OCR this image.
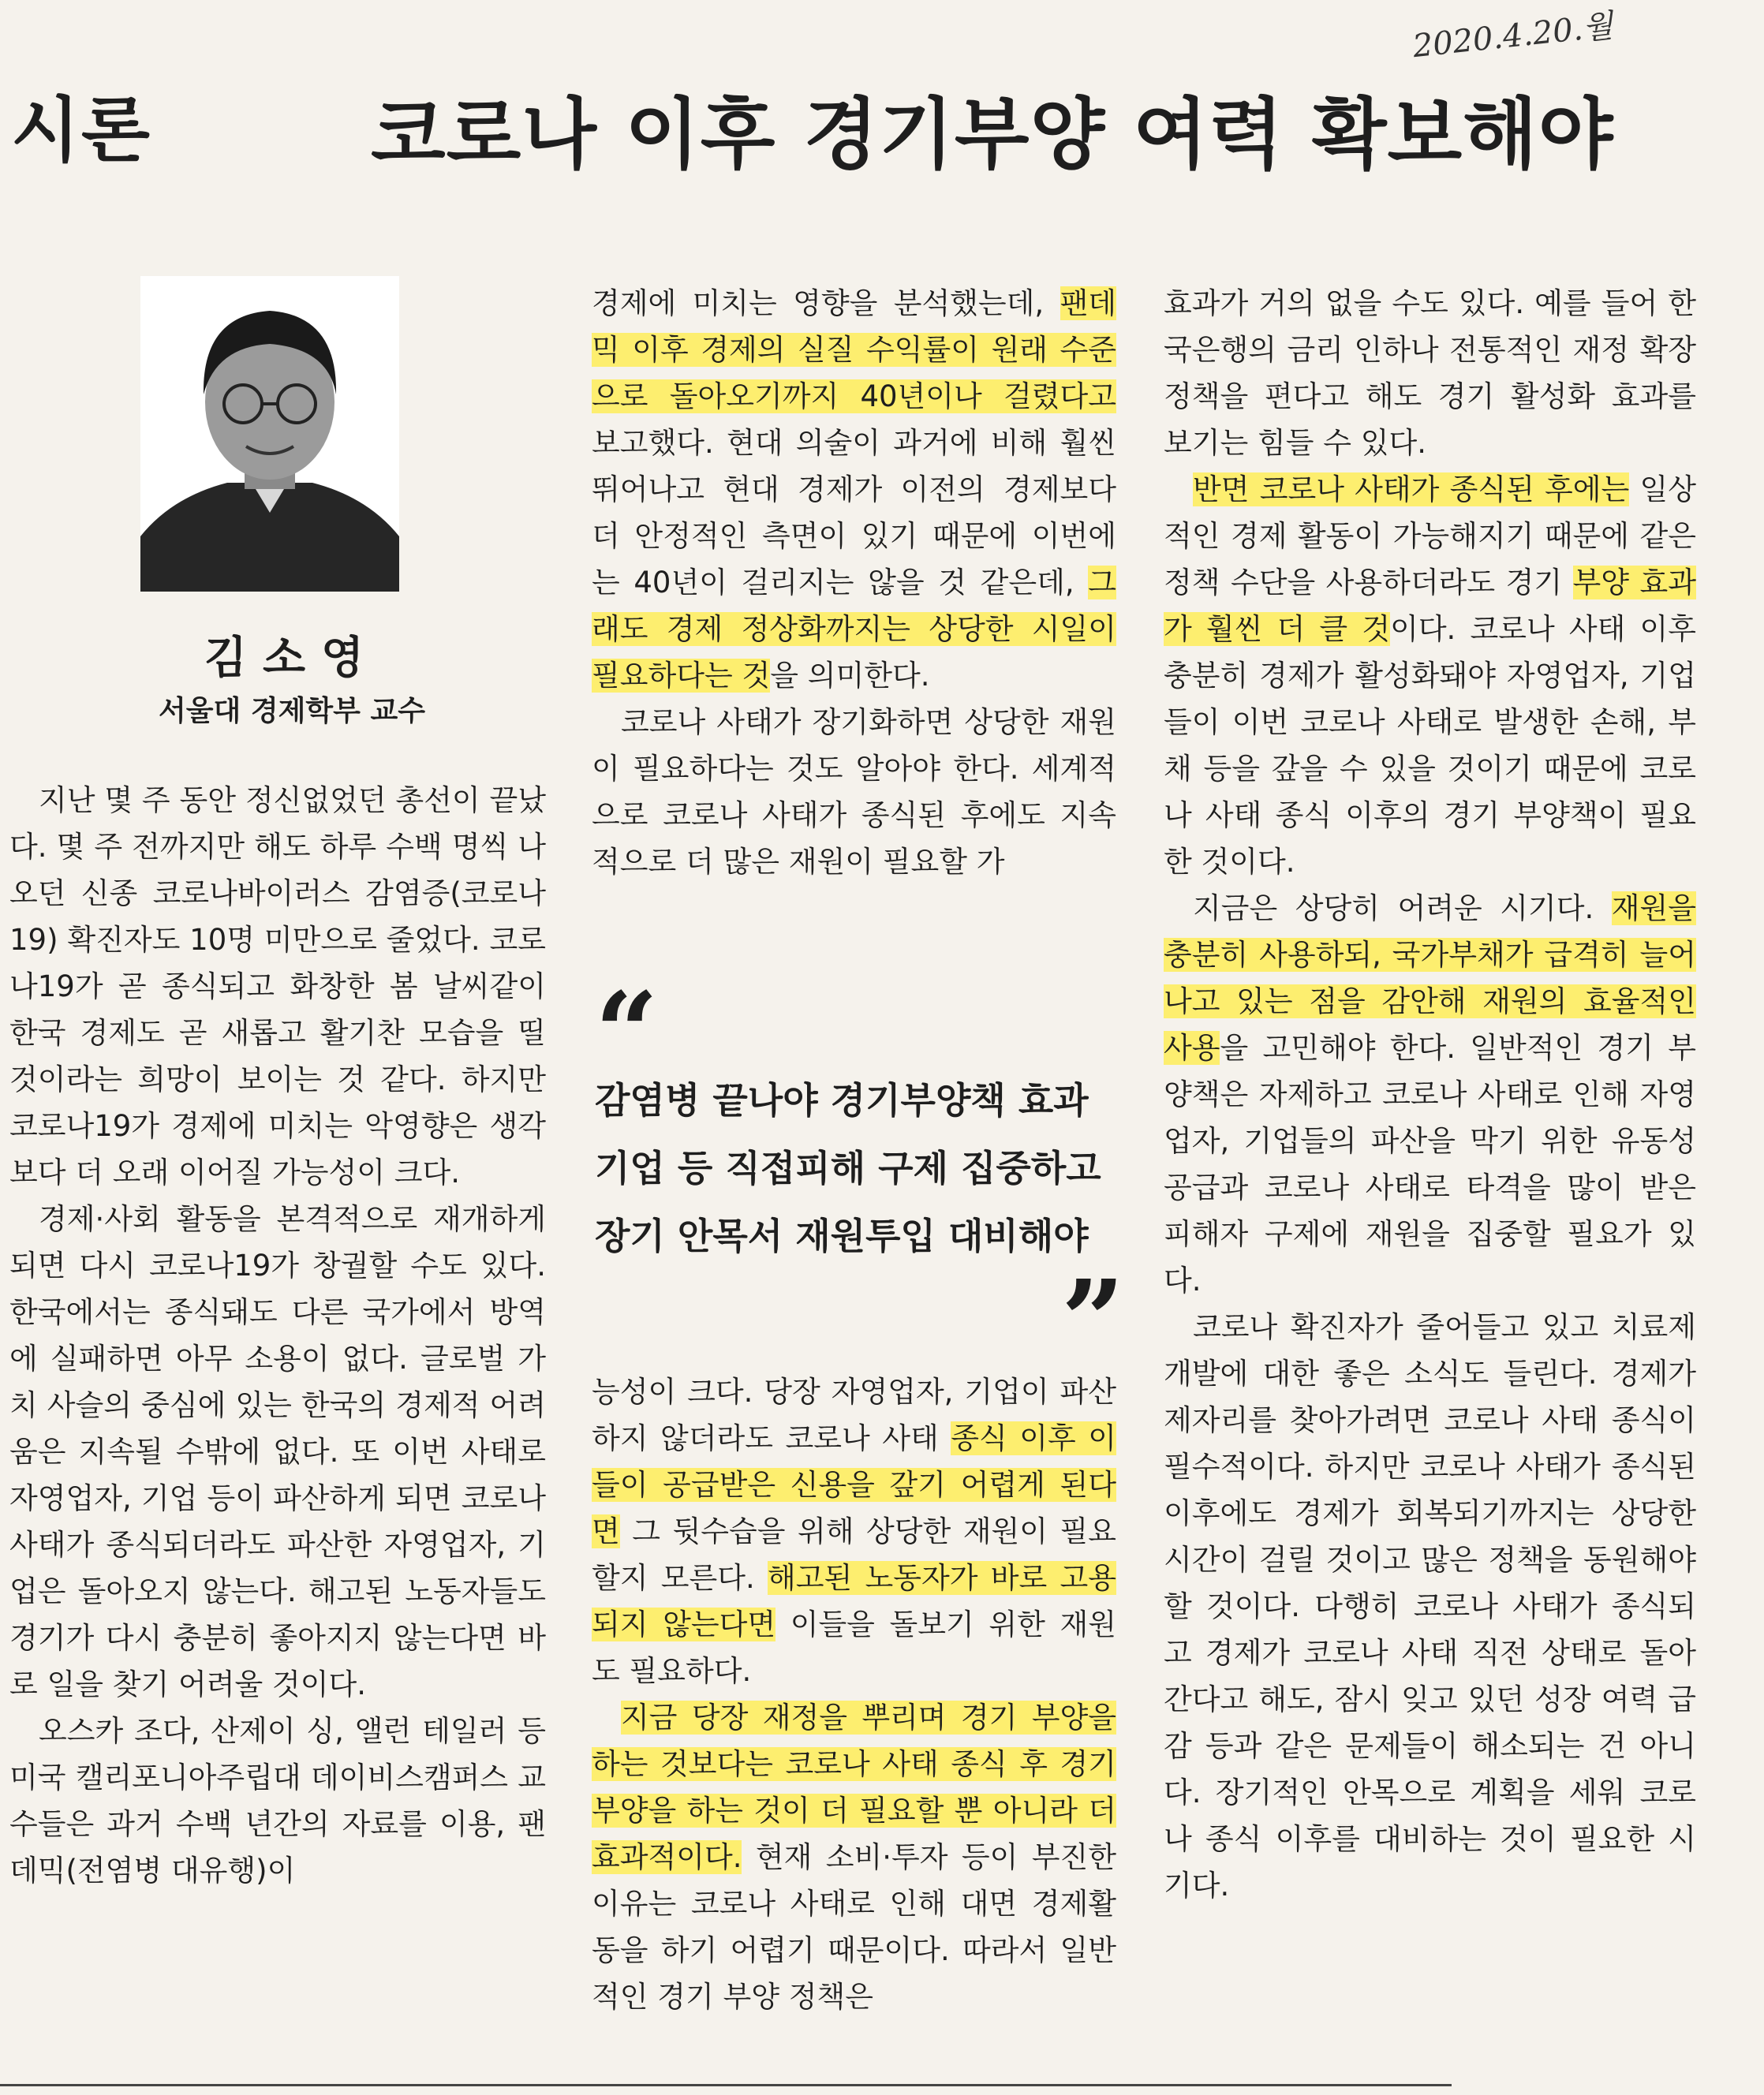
2020.4.20.월
시론	코로나 이후 경기부양 여력 확보해야
김소영
서울대 경제학부 교수

지난 몇 주 동안 정신없었던 총선이 끝났다. 몇 주 전까지만 해도 하루 수백 명씩 나오던 신종 코로나바이러스 감염증(코로나19) 확진자도 10명 미만으로 줄었다. 코로나19가 곧 종식되고 화창한 봄 날씨같이 한국 경제도 곧 새롭고 활기찬 모습을 띨 것이라는 희망이 보이는 것 같다. 하지만 코로나19가 경제에 미치는 악영향은 생각보다 더 오래 이어질 가능성이 크다.

경제·사회 활동을 본격적으로 재개하게 되면 다시 코로나19가 창궐할 수도 있다. 한국에서는 종식돼도 다른 국가에서 방역에 실패하면 아무 소용이 없다. 글로벌 가치 사슬의 중심에 있는 한국의 경제적 어려움은 지속될 수밖에 없다. 또 이번 사태로 자영업자, 기업 등이 파산하게 되면 코로나 사태가 종식되더라도 파산한 자영업자, 기업은 돌아오지 않는다. 해고된 노동자들도 경기가 다시 충분히 좋아지지 않는다면 바로 일을 찾기 어려울 것이다.

오스카 조다, 산제이 싱, 앨런 테일러 등 미국 캘리포니아주립대 데이비스캠퍼스 교수들은 과거 수백 년간의 자료를 이용, 팬데믹(전염병 대유행)이

경제에 미치는 영향을 분석했는데, 팬데믹 이후 경제의 실질 수익률이 원래 수준으로 돌아오기까지 40년이나 걸렸다고 보고했다. 현대 의술이 과거에 비해 훨씬 뛰어나고 현대 경제가 이전의 경제보다 더 안정적인 측면이 있기 때문에 이번에는 40년이 걸리지는 않을 것 같은데, 그래도 경제 정상화까지는 상당한 시일이 필요하다는 것을 의미한다.

코로나 사태가 장기화하면 상당한 재원이 필요하다는 것도 알아야 한다. 세계적으로 코로나 사태가 종식된 후에도 지속적으로 더 많은 재원이 필요할 가

“
감염병 끝나야 경기부양책 효과
기업 등 직접피해 구제 집중하고
장기 안목서 재원투입 대비해야
”

능성이 크다. 당장 자영업자, 기업이 파산하지 않더라도 코로나 사태 종식 이후 이들이 공급받은 신용을 갚기 어렵게 된다면 그 뒷수습을 위해 상당한 재원이 필요할지 모른다. 해고된 노동자가 바로 고용되지 않는다면 이들을 돌보기 위한 재원도 필요하다.

지금 당장 재정을 뿌리며 경기 부양을 하는 것보다는 코로나 사태 종식 후 경기 부양을 하는 것이 더 필요할 뿐 아니라 더 효과적이다. 현재 소비·투자 등이 부진한 이유는 코로나 사태로 인해 대면 경제활동을 하기 어렵기 때문이다. 따라서 일반적인 경기 부양 정책은

효과가 거의 없을 수도 있다. 예를 들어 한국은행의 금리 인하나 전통적인 재정 확장 정책을 편다고 해도 경기 활성화 효과를 보기는 힘들 수 있다.

반면 코로나 사태가 종식된 후에는 일상적인 경제 활동이 가능해지기 때문에 같은 정책 수단을 사용하더라도 경기 부양 효과가 훨씬 더 클 것이다. 코로나 사태 이후 충분히 경제가 활성화돼야 자영업자, 기업들이 이번 코로나 사태로 발생한 손해, 부채 등을 갚을 수 있을 것이기 때문에 코로나 사태 종식 이후의 경기 부양책이 필요한 것이다.

지금은 상당히 어려운 시기다. 재원을 충분히 사용하되, 국가부채가 급격히 늘어나고 있는 점을 감안해 재원의 효율적인 사용을 고민해야 한다. 일반적인 경기 부양책은 자제하고 코로나 사태로 인해 자영업자, 기업들의 파산을 막기 위한 유동성 공급과 코로나 사태로 타격을 많이 받은 피해자 구제에 재원을 집중할 필요가 있다.

코로나 확진자가 줄어들고 있고 치료제 개발에 대한 좋은 소식도 들린다. 경제가 제자리를 찾아가려면 코로나 사태 종식이 필수적이다. 하지만 코로나 사태가 종식된 이후에도 경제가 회복되기까지는 상당한 시간이 걸릴 것이고 많은 정책을 동원해야 할 것이다. 다행히 코로나 사태가 종식되고 경제가 코로나 사태 직전 상태로 돌아간다고 해도, 잠시 잊고 있던 성장 여력 급감 등과 같은 문제들이 해소되는 건 아니다. 장기적인 안목으로 계획을 세워 코로나 종식 이후를 대비하는 것이 필요한 시기다.
